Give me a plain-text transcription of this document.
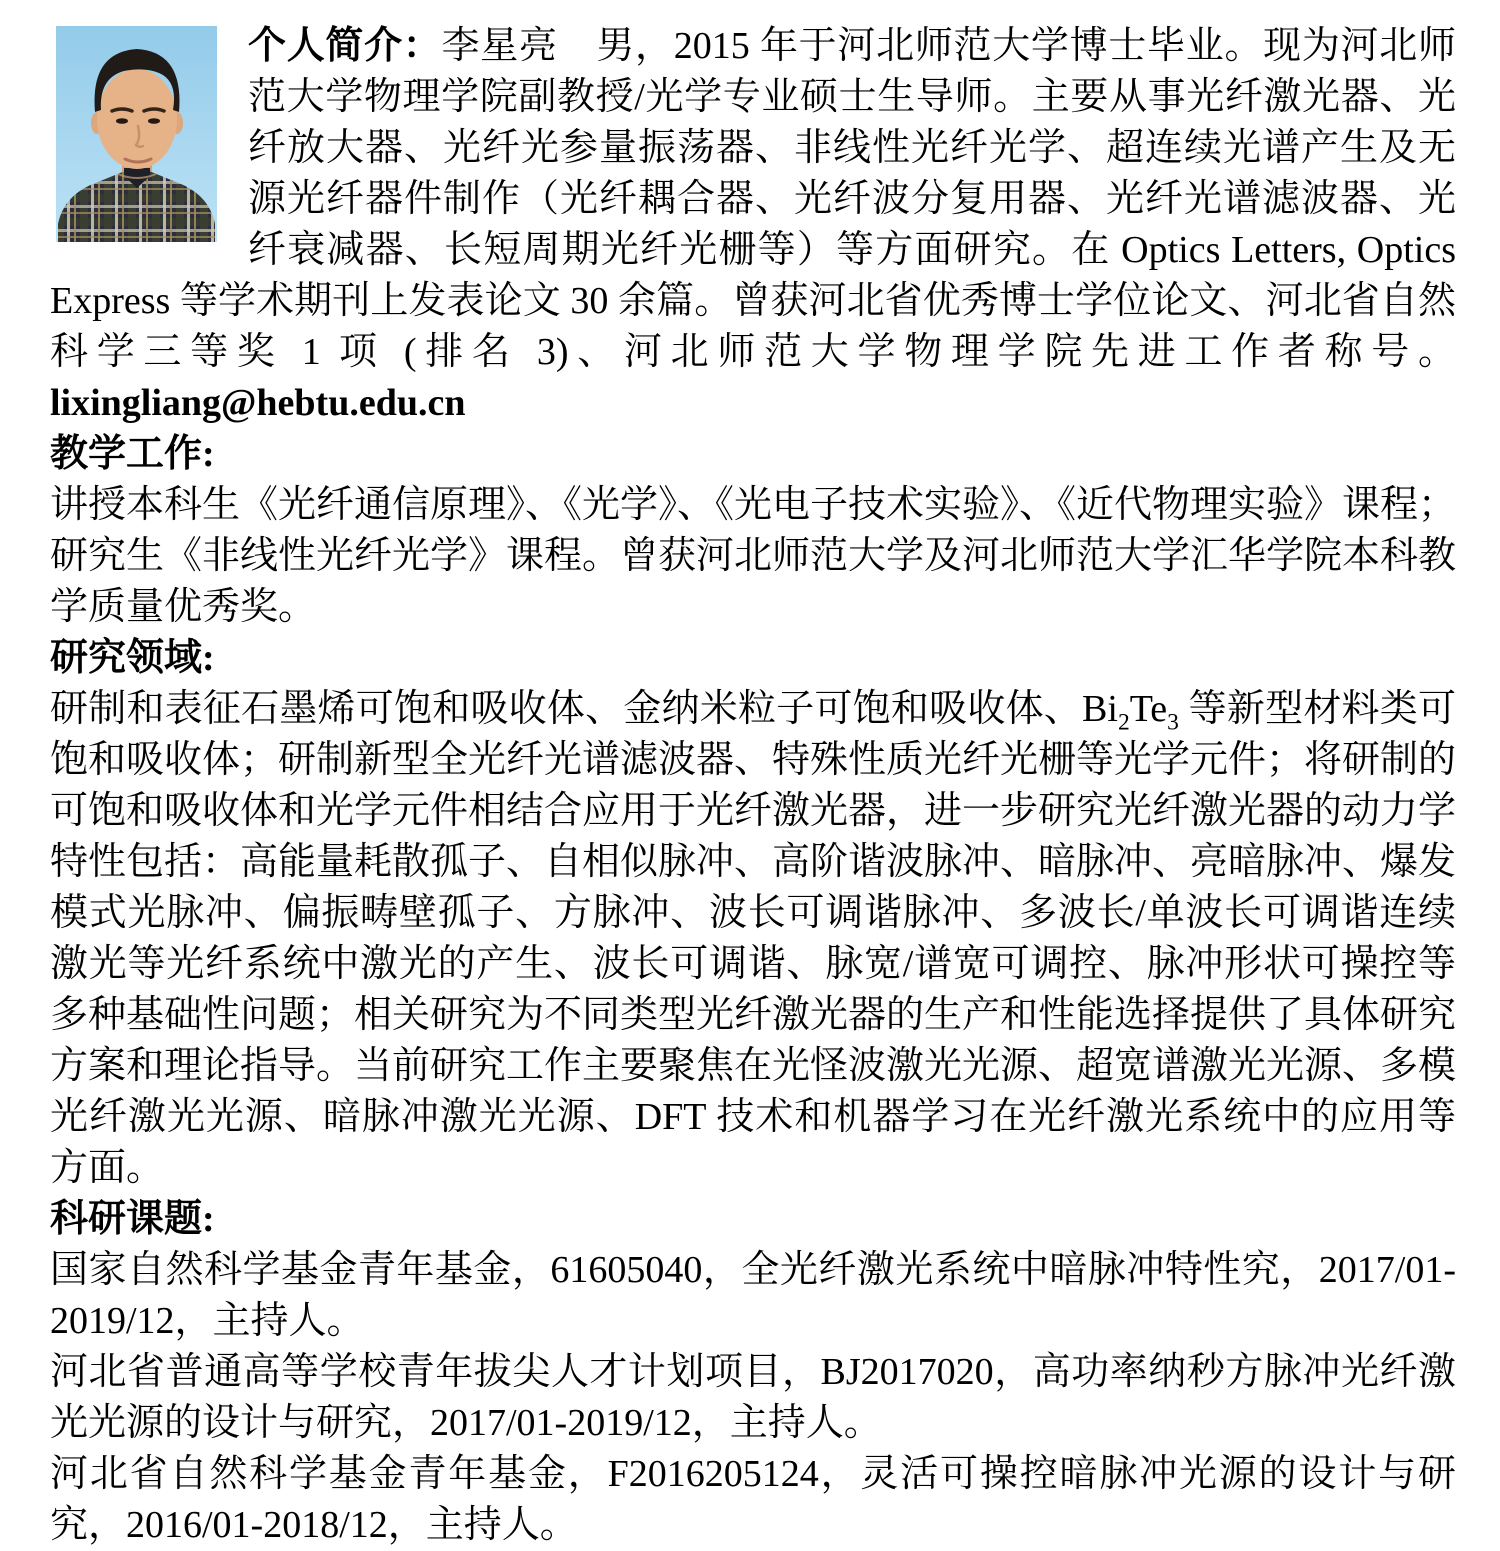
个人简介：李星亮　男，2015 年于河北师范大学博士毕业。现为河北师范大学物理学院副教授/光学专业硕士生导师。主要从事光纤激光器、光纤放大器、光纤光参量振荡器、非线性光纤光学、超连续光谱产生及无源光纤器件制作（光纤耦合器、光纤波分复用器、光纤光谱滤波器、光纤衰减器、长短周期光纤光栅等）等方面研究。在 Optics Letters, Optics Express 等学术期刊上发表论文 30 余篇。曾获河北省优秀博士学位论文、河北省自然科学三等奖 1 项 (排名 3)、河北师范大学物理学院先进工作者称号。lixingliang@hebtu.edu.cn

教学工作:

讲授本科生《光纤通信原理》、《光学》、《光电子技术实验》、《近代物理实验》课程；研究生《非线性光纤光学》课程。曾获河北师范大学及河北师范大学汇华学院本科教学质量优秀奖。

研究领域:

研制和表征石墨烯可饱和吸收体、金纳米粒子可饱和吸收体、$Bi_2Te_3$ 等新型材料类可饱和吸收体；研制新型全光纤光谱滤波器、特殊性质光纤光栅等光学元件；将研制的可饱和吸收体和光学元件相结合应用于光纤激光器，进一步研究光纤激光器的动力学特性包括：高能量耗散孤子、自相似脉冲、高阶谐波脉冲、暗脉冲、亮暗脉冲、爆发模式光脉冲、偏振畴壁孤子、方脉冲、波长可调谐脉冲、多波长/单波长可调谐连续激光等光纤系统中激光的产生、波长可调谐、脉宽/谱宽可调控、脉冲形状可操控等多种基础性问题；相关研究为不同类型光纤激光器的生产和性能选择提供了具体研究方案和理论指导。当前研究工作主要聚焦在光怪波激光光源、超宽谱激光光源、多模光纤激光光源、暗脉冲激光光源、DFT 技术和机器学习在光纤激光系统中的应用等方面。

科研课题:

国家自然科学基金青年基金，61605040，全光纤激光系统中暗脉冲特性究，2017/01-2019/12，主持人。

河北省普通高等学校青年拔尖人才计划项目，BJ2017020，高功率纳秒方脉冲光纤激光光源的设计与研究，2017/01-2019/12，主持人。

河北省自然科学基金青年基金，F2016205124，灵活可操控暗脉冲光源的设计与研究，2016/01-2018/12，主持人。
